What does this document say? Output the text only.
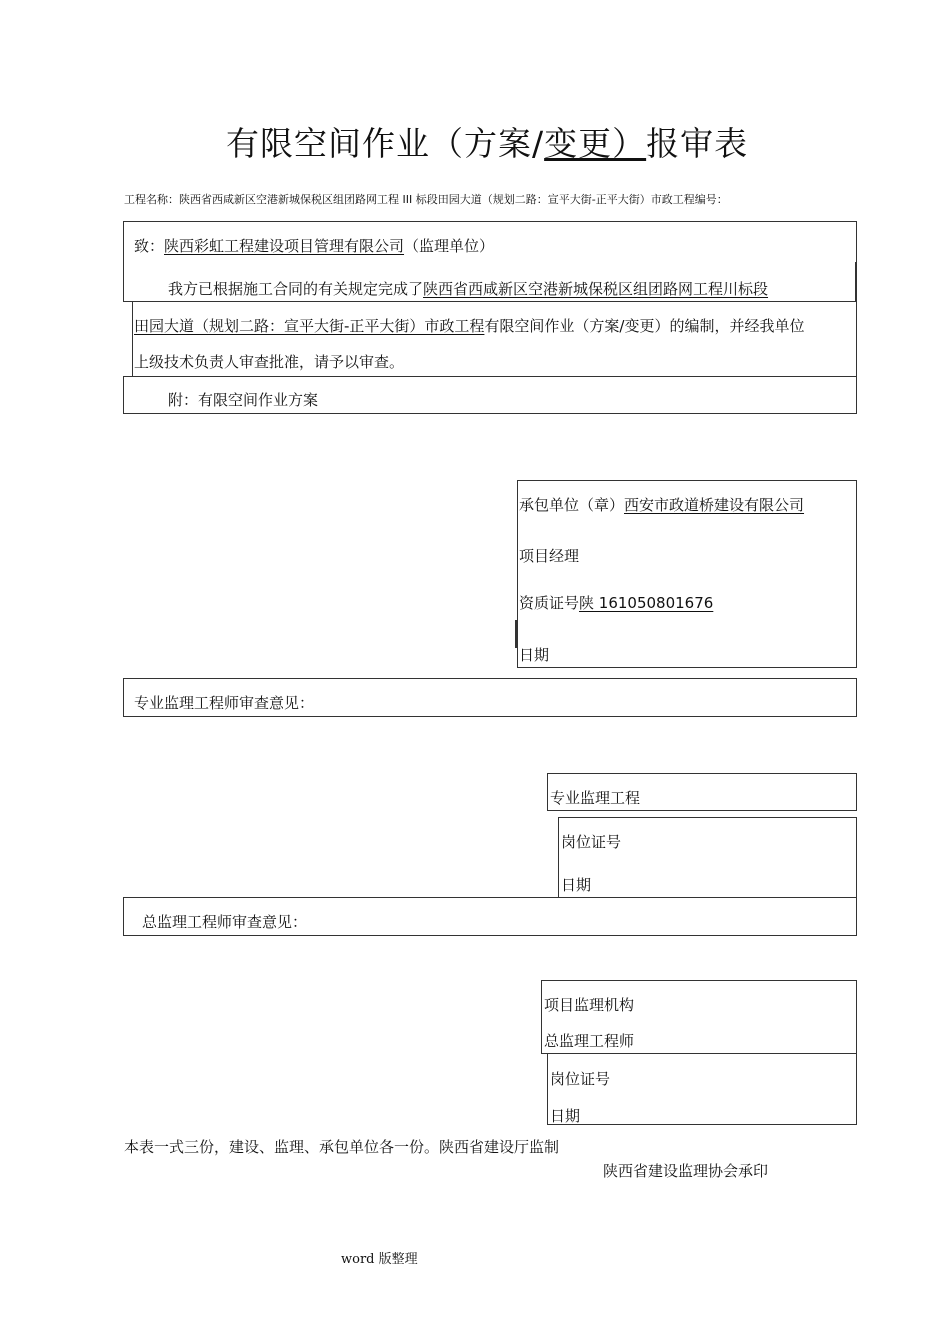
有限空间作业（方案/变更）报审表
工程名称：陕西省西咸新区空港新城保税区组团路网工程 III 标段田园大道（规划二路：宣平大街-正平大街）市政工程编号：
致：陕西彩虹工程建设项目管理有限公司（监理单位）
我方已根据施工合同的有关规定完成了陕西省西咸新区空港新城保税区组团路网工程川标段
田园大道（规划二路：宣平大街-正平大街）市政工程有限空间作业（方案/变更）的编制，并经我单位
上级技术负责人审查批准，请予以审查。
附：有限空间作业方案
承包单位（章）西安市政道桥建设有限公司
项目经理
资质证号陕 161050801676
日期
专业监理工程师审查意见：
专业监理工程
岗位证号
日期
总监理工程师审查意见：
项目监理机构
总监理工程师
岗位证号
日期
本表一式三份，建设、监理、承包单位各一份。陕西省建设厅监制
陕西省建设监理协会承印
word 版整理
